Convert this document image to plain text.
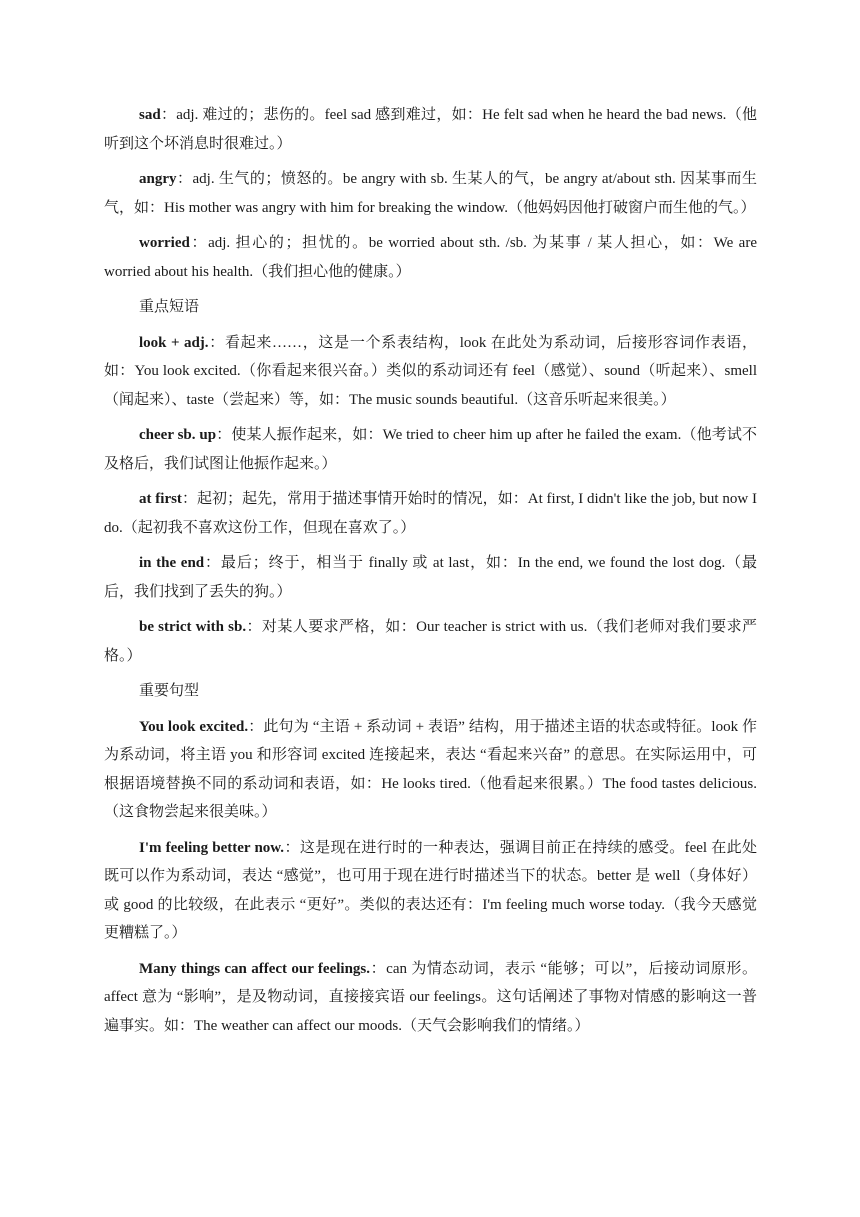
sad：adj. 难过的；悲伤的。feel sad 感到难过，如：He felt sad when he heard the bad news.（他听到这个坏消息时很难过。）

angry：adj. 生气的；愤怒的。be angry with sb. 生某人的气，be angry at/about sth. 因某事而生气，如：His mother was angry with him for breaking the window.（他妈妈因他打破窗户而生他的气。）

worried：adj. 担心的；担忧的。be worried about sth. /sb. 为某事 / 某人担心，如：We are worried about his health.（我们担心他的健康。）

重点短语

look + adj.：看起来……，这是一个系表结构，look 在此处为系动词，后接形容词作表语，如：You look excited.（你看起来很兴奋。）类似的系动词还有 feel（感觉）、sound（听起来）、smell（闻起来）、taste（尝起来）等，如：The music sounds beautiful.（这音乐听起来很美。）

cheer sb. up：使某人振作起来，如：We tried to cheer him up after he failed the exam.（他考试不及格后，我们试图让他振作起来。）

at first：起初；起先，常用于描述事情开始时的情况，如：At first, I didn't like the job, but now I do.（起初我不喜欢这份工作，但现在喜欢了。）

in the end：最后；终于，相当于 finally 或 at last，如：In the end, we found the lost dog.（最后，我们找到了丢失的狗。）

be strict with sb.：对某人要求严格，如：Our teacher is strict with us.（我们老师对我们要求严格。）

重要句型

You look excited.：此句为 “主语 + 系动词 + 表语” 结构，用于描述主语的状态或特征。look 作为系动词，将主语 you 和形容词 excited 连接起来，表达 “看起来兴奋” 的意思。在实际运用中，可根据语境替换不同的系动词和表语，如：He looks tired.（他看起来很累。）The food tastes delicious.（这食物尝起来很美味。）

I'm feeling better now.：这是现在进行时的一种表达，强调目前正在持续的感受。feel 在此处既可以作为系动词，表达 “感觉”，也可用于现在进行时描述当下的状态。better 是 well（身体好）或 good 的比较级，在此表示 “更好”。类似的表达还有：I'm feeling much worse today.（我今天感觉更糟糕了。）

Many things can affect our feelings.：can 为情态动词，表示 “能够；可以”，后接动词原形。affect 意为 “影响”，是及物动词，直接接宾语 our feelings。这句话阐述了事物对情感的影响这一普遍事实。如：The weather can affect our moods.（天气会影响我们的情绪。）
